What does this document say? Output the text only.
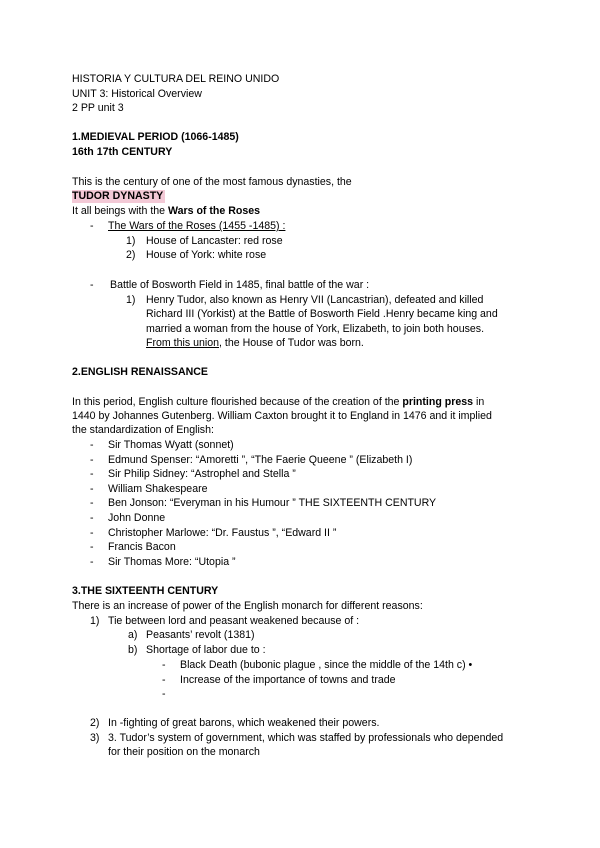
HISTORIA Y CULTURA DEL REINO UNIDO
UNIT 3: Historical Overview
2 PP unit 3
1.MEDIEVAL PERIOD (1066-1485)
16th 17th CENTURY
This is the century of one of the most famous dynasties, the
TUDOR DYNASTY
It all beings with the Wars of the Roses
- The Wars of the Roses (1455 -1485) :
1) House of Lancaster: red rose
2) House of York: white rose
- Battle of Bosworth Field in 1485, final battle of the war :
1) Henry Tudor, also known as Henry VII (Lancastrian), defeated and killed
Richard III (Yorkist) at the Battle of Bosworth Field .Henry became king and
married a woman from the house of York, Elizabeth, to join both houses.
From this union, the House of Tudor was born.
2.ENGLISH RENAISSANCE
In this period, English culture flourished because of the creation of the printing press in
1440 by Johannes Gutenberg. William Caxton brought it to England in 1476 and it implied
the standardization of English:
- Sir Thomas Wyatt (sonnet)
- Edmund Spenser: “Amoretti ”, “The Faerie Queene ” (Elizabeth I)
- Sir Philip Sidney: “Astrophel and Stella ”
- William Shakespeare
- Ben Jonson: “Everyman in his Humour ” THE SIXTEENTH CENTURY
- John Donne
- Christopher Marlowe: “Dr. Faustus ”, “Edward II ”
- Francis Bacon
- Sir Thomas More: “Utopia ”
3.THE SIXTEENTH CENTURY
There is an increase of power of the English monarch for different reasons:
1) Tie between lord and peasant weakened because of :
a) Peasants’ revolt (1381)
b) Shortage of labor due to :
- Black Death (bubonic plague , since the middle of the 14th c) •
- Increase of the importance of towns and trade
-
2) In -fighting of great barons, which weakened their powers.
3) 3. Tudor’s system of government, which was staffed by professionals who depended
for their position on the monarch
